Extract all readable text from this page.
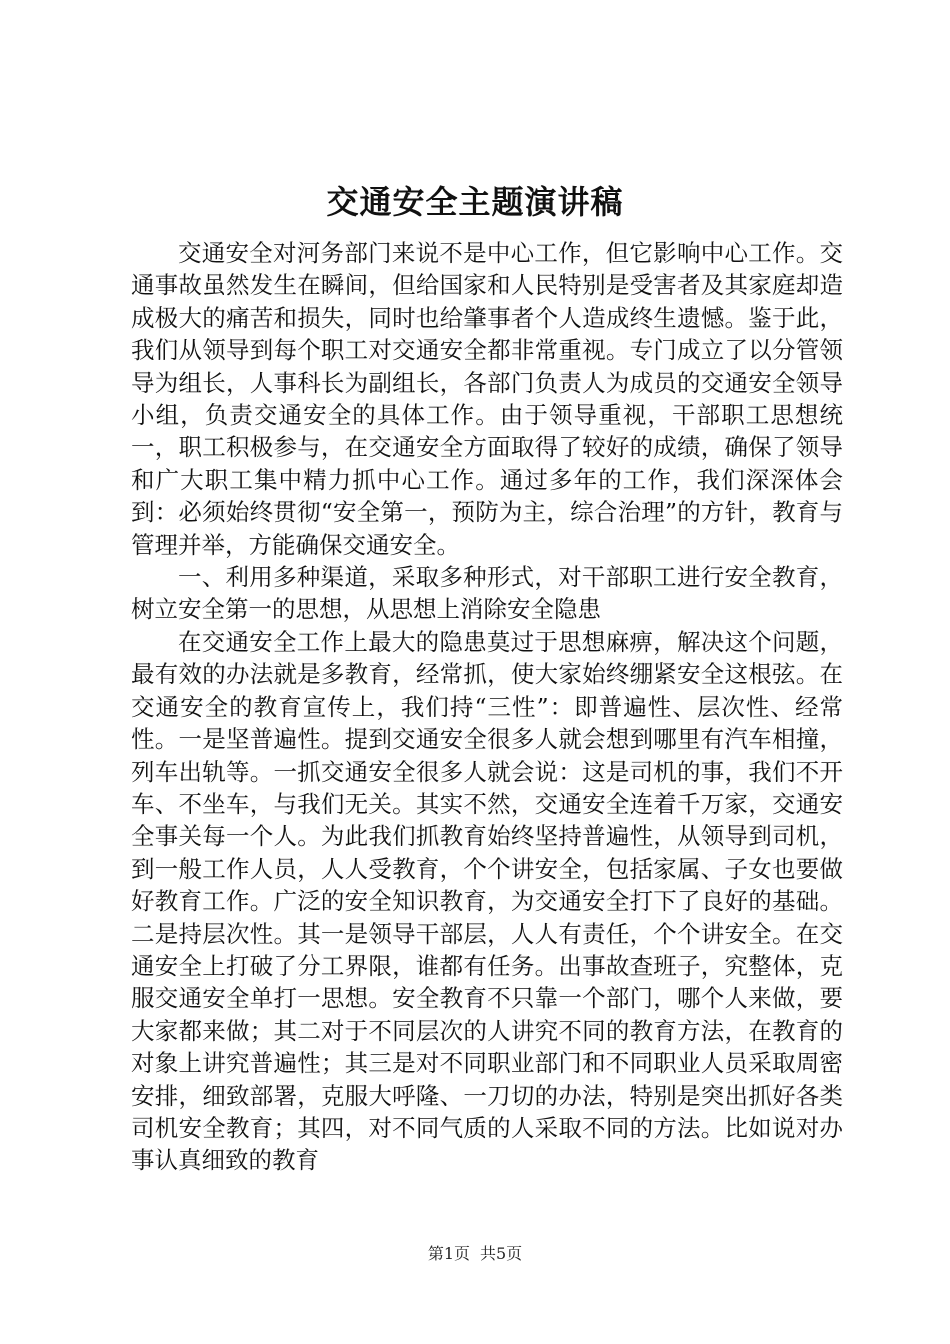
交通安全主题演讲稿

交通安全对河务部门来说不是中心工作，但它影响中心工作。交通事故虽然发生在瞬间，但给国家和人民特别是受害者及其家庭却造成极大的痛苦和损失，同时也给肇事者个人造成终生遗憾。鉴于此，我们从领导到每个职工对交通安全都非常重视。专门成立了以分管领导为组长，人事科长为副组长，各部门负责人为成员的交通安全领导小组，负责交通安全的具体工作。由于领导重视，干部职工思想统一，职工积极参与，在交通安全方面取得了较好的成绩，确保了领导和广大职工集中精力抓中心工作。通过多年的工作，我们深深体会到：必须始终贯彻“安全第一，预防为主，综合治理”的方针，教育与管理并举，方能确保交通安全。

一、利用多种渠道，采取多种形式，对干部职工进行安全教育，树立安全第一的思想，从思想上消除安全隐患

在交通安全工作上最大的隐患莫过于思想麻痹，解决这个问题，最有效的办法就是多教育，经常抓，使大家始终绷紧安全这根弦。在交通安全的教育宣传上，我们持“三性”：即普遍性、层次性、经常性。一是坚普遍性。提到交通安全很多人就会想到哪里有汽车相撞，列车出轨等。一抓交通安全很多人就会说：这是司机的事，我们不开车、不坐车，与我们无关。其实不然，交通安全连着千万家，交通安全事关每一个人。为此我们抓教育始终坚持普遍性，从领导到司机，到一般工作人员，人人受教育，个个讲安全，包括家属、子女也要做好教育工作。广泛的安全知识教育，为交通安全打下了良好的基础。二是持层次性。其一是领导干部层，人人有责任，个个讲安全。在交通安全上打破了分工界限，谁都有任务。出事故查班子，究整体，克服交通安全单打一思想。安全教育不只靠一个部门，哪个人来做，要大家都来做；其二对于不同层次的人讲究不同的教育方法，在教育的对象上讲究普遍性；其三是对不同职业部门和不同职业人员采取周密安排，细致部署，克服大呼隆、一刀切的办法，特别是突出抓好各类司机安全教育；其四，对不同气质的人采取不同的方法。比如说对办事认真细致的教育

第1页 共5页
